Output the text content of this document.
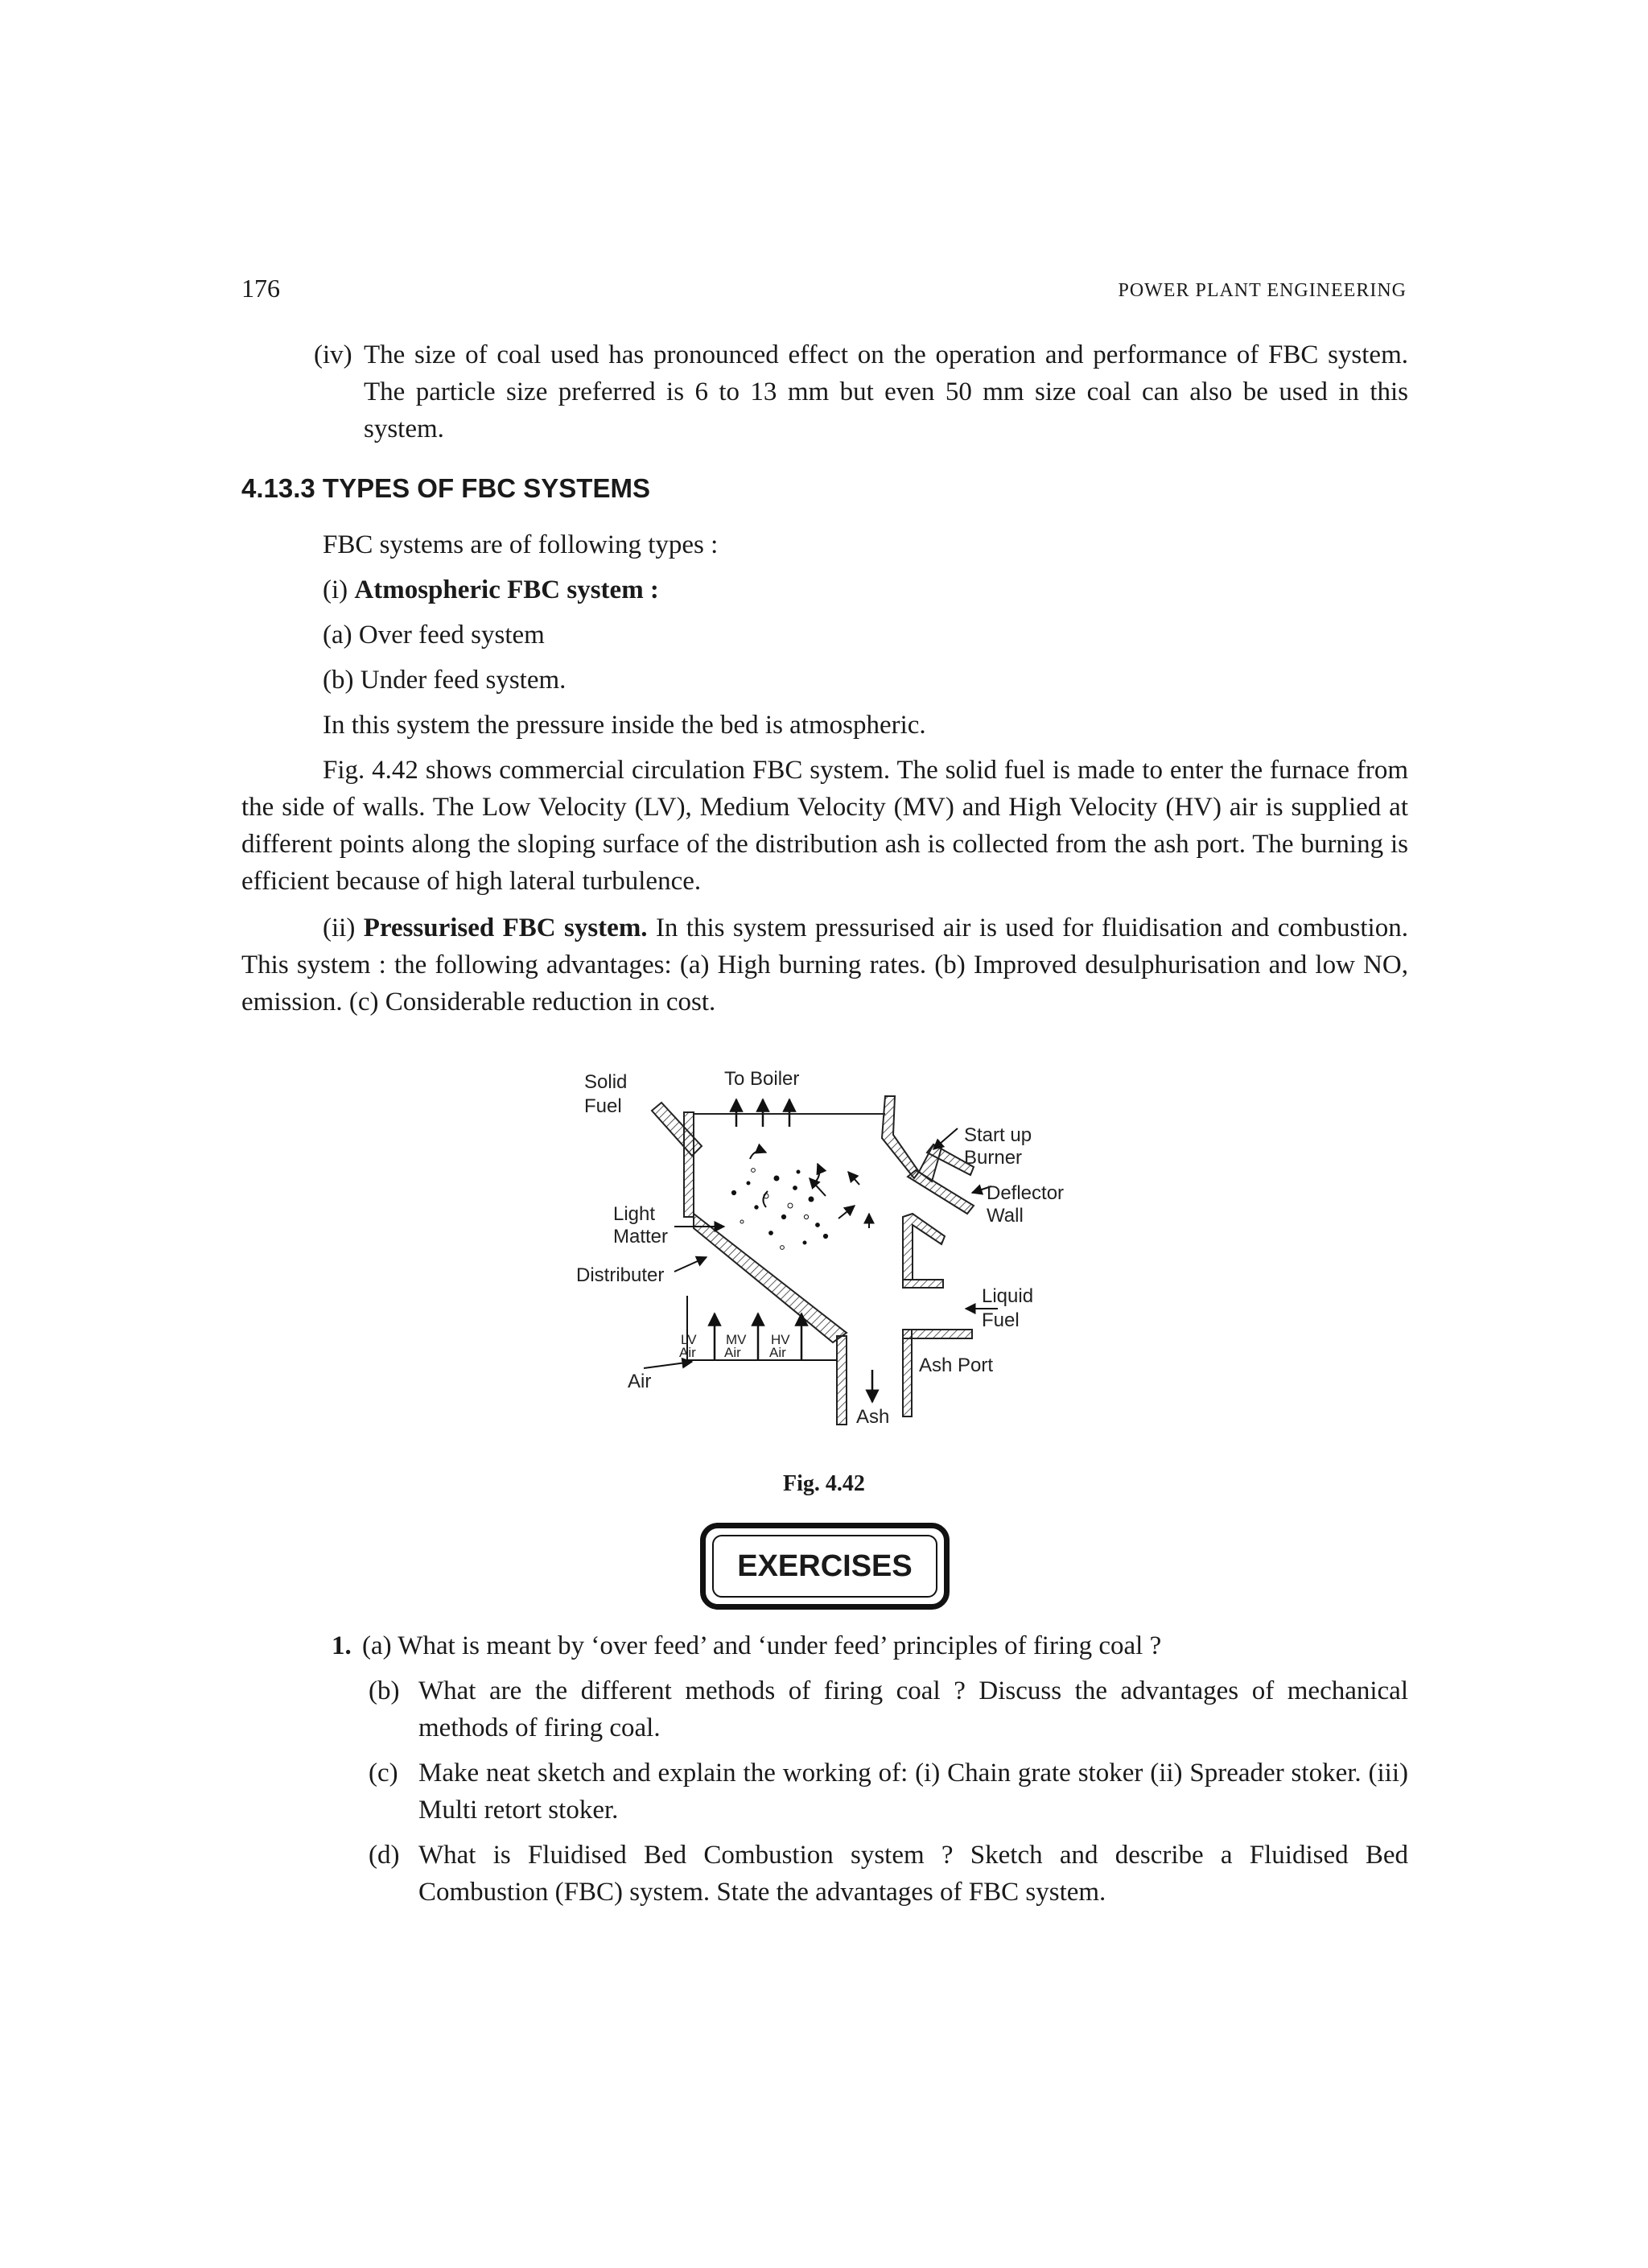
176	POWER PLANT ENGINEERING
(iv) The size of coal used has pronounced effect on the operation and performance of FBC system. The particle size preferred is 6 to 13 mm but even 50 mm size coal can also be used in this system.
4.13.3 TYPES OF FBC SYSTEMS
FBC systems are of following types :
(i) Atmospheric FBC system :
(a) Over feed system
(b) Under feed system.
In this system the pressure inside the bed is atmospheric.
Fig. 4.42 shows commercial circulation FBC system. The solid fuel is made to enter the furnace from the side of walls. The Low Velocity (LV), Medium Velocity (MV) and High Velocity (HV) air is supplied at different points along the sloping surface of the distribution ash is collected from the ash port. The burning is efficient because of high lateral turbulence.
(ii) Pressurised FBC system. In this system pressurised air is used for fluidisation and combustion. This system : the following advantages: (a) High burning rates. (b) Improved desulphurisation and low NO, emission. (c) Considerable reduction in cost.
Solid
Fuel
To Boiler
Start up
Burner
Deflector
Wall
Light
Matter
Distributer
Liquid
Fuel
LV
Air
MV
Air
HV
Air
Air
Ash Port
Ash
Fig. 4.42
EXERCISES
1. (a) What is meant by ‘over feed’ and ‘under feed’ principles of firing coal ?
(b) What are the different methods of firing coal ? Discuss the advantages of mechanical methods of firing coal.
(c) Make neat sketch and explain the working of: (i) Chain grate stoker (ii) Spreader stoker. (iii) Multi retort stoker.
(d) What is Fluidised Bed Combustion system ? Sketch and describe a Fluidised Bed Combustion (FBC) system. State the advantages of FBC system.
